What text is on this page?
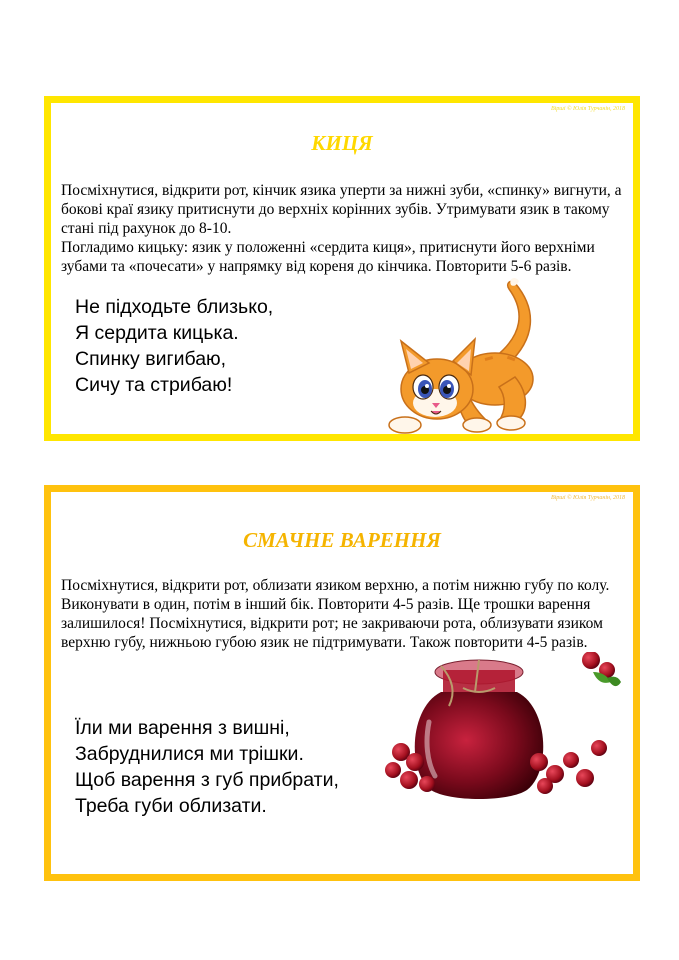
Вірші © Юлія Турчанін, 2018
КИЦЯ

Посміхнутися, відкрити рот, кінчик язика уперти за нижні зуби, «спинку» вигнути, а бокові краї язику притиснути до верхніх корінних зубів. Утримувати язик в такому стані під рахунок до 8-10.

Погладимо кицьку: язик у положенні «сердита киця», притиснути його верхніми зубами та «почесати» у напрямку від кореня до кінчика. Повторити 5-6 разів.

Не підходьте близько,
Я сердита кицька.
Спинку вигибаю,
Сичу та стрибаю!
Вірші © Юлія Турчанін, 2018
СМАЧНЕ ВАРЕННЯ

Посміхнутися, відкрити рот, облизати язиком верхню, а потім нижню губу по колу. Виконувати в один, потім в інший бік. Повторити 4-5 разів. Ще трошки варення залишилося! Посміхнутися, відкрити рот; не закриваючи рота, облизувати язиком верхню губу, нижньою губою язик не підтримувати. Також повторити 4-5 разів.

Їли ми варення з вишні,
Забруднилися ми трішки.
Щоб варення з губ прибрати,
Треба губи облизати.
